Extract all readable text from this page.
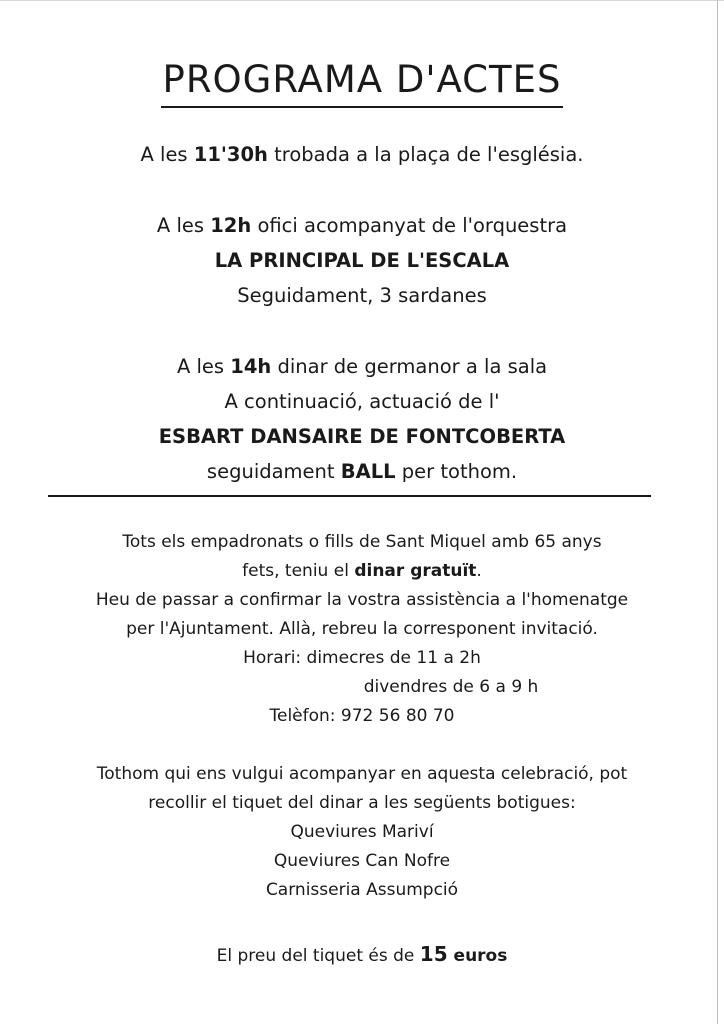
PROGRAMA D'ACTES
A les 11'30h trobada a la plaça de l'església.
A les 12h ofici acompanyat de l'orquestra
LA PRINCIPAL DE L'ESCALA
Seguidament, 3 sardanes
A les 14h dinar de germanor a la sala
A continuació, actuació de l'
ESBART DANSAIRE DE FONTCOBERTA
seguidament BALL per tothom.
Tots els empadronats o fills de Sant Miquel amb 65 anys
fets, teniu el dinar gratuït.
Heu de passar a confirmar la vostra assistència a l'homenatge
per l'Ajuntament. Allà, rebreu la corresponent invitació.
Horari: dimecres de 11 a 2h
divendres de 6 a 9 h
Telèfon: 972 56 80 70
Tothom qui ens vulgui acompanyar en aquesta celebració, pot
recollir el tiquet del dinar a les següents botigues:
Queviures Mariví
Queviures Can Nofre
Carnisseria Assumpció
El preu del tiquet és de 15 euros
